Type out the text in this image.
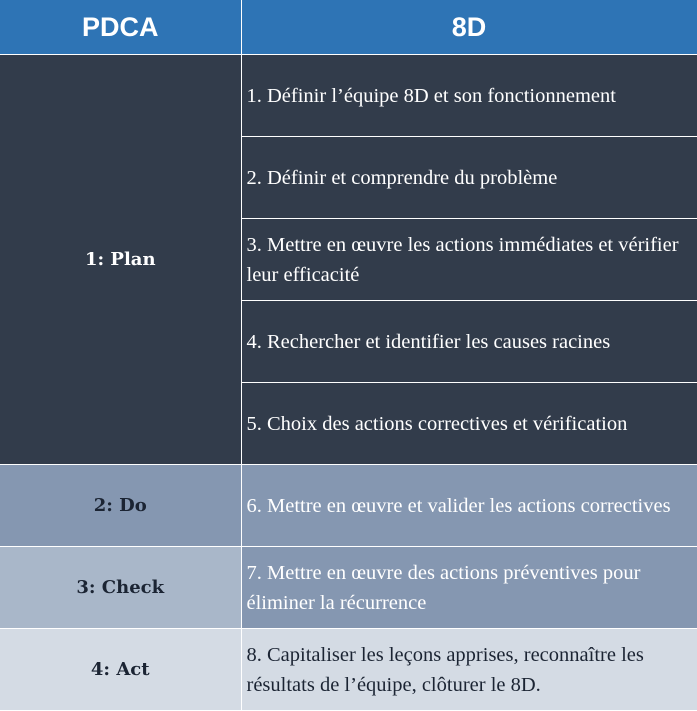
PDCA	8D
1: Plan	1. Définir l’équipe 8D et son fonctionnement
	2. Définir et comprendre du problème
	3. Mettre en œuvre les actions immédiates et vérifier leur efficacité
	4. Rechercher et identifier les causes racines
	5. Choix des actions correctives et vérification
2: Do	6. Mettre en œuvre et valider les actions correctives
3: Check	7. Mettre en œuvre des actions préventives pour éliminer la récurrence
4: Act	8. Capitaliser les leçons apprises, reconnaître les résultats de l’équipe, clôturer le 8D.
